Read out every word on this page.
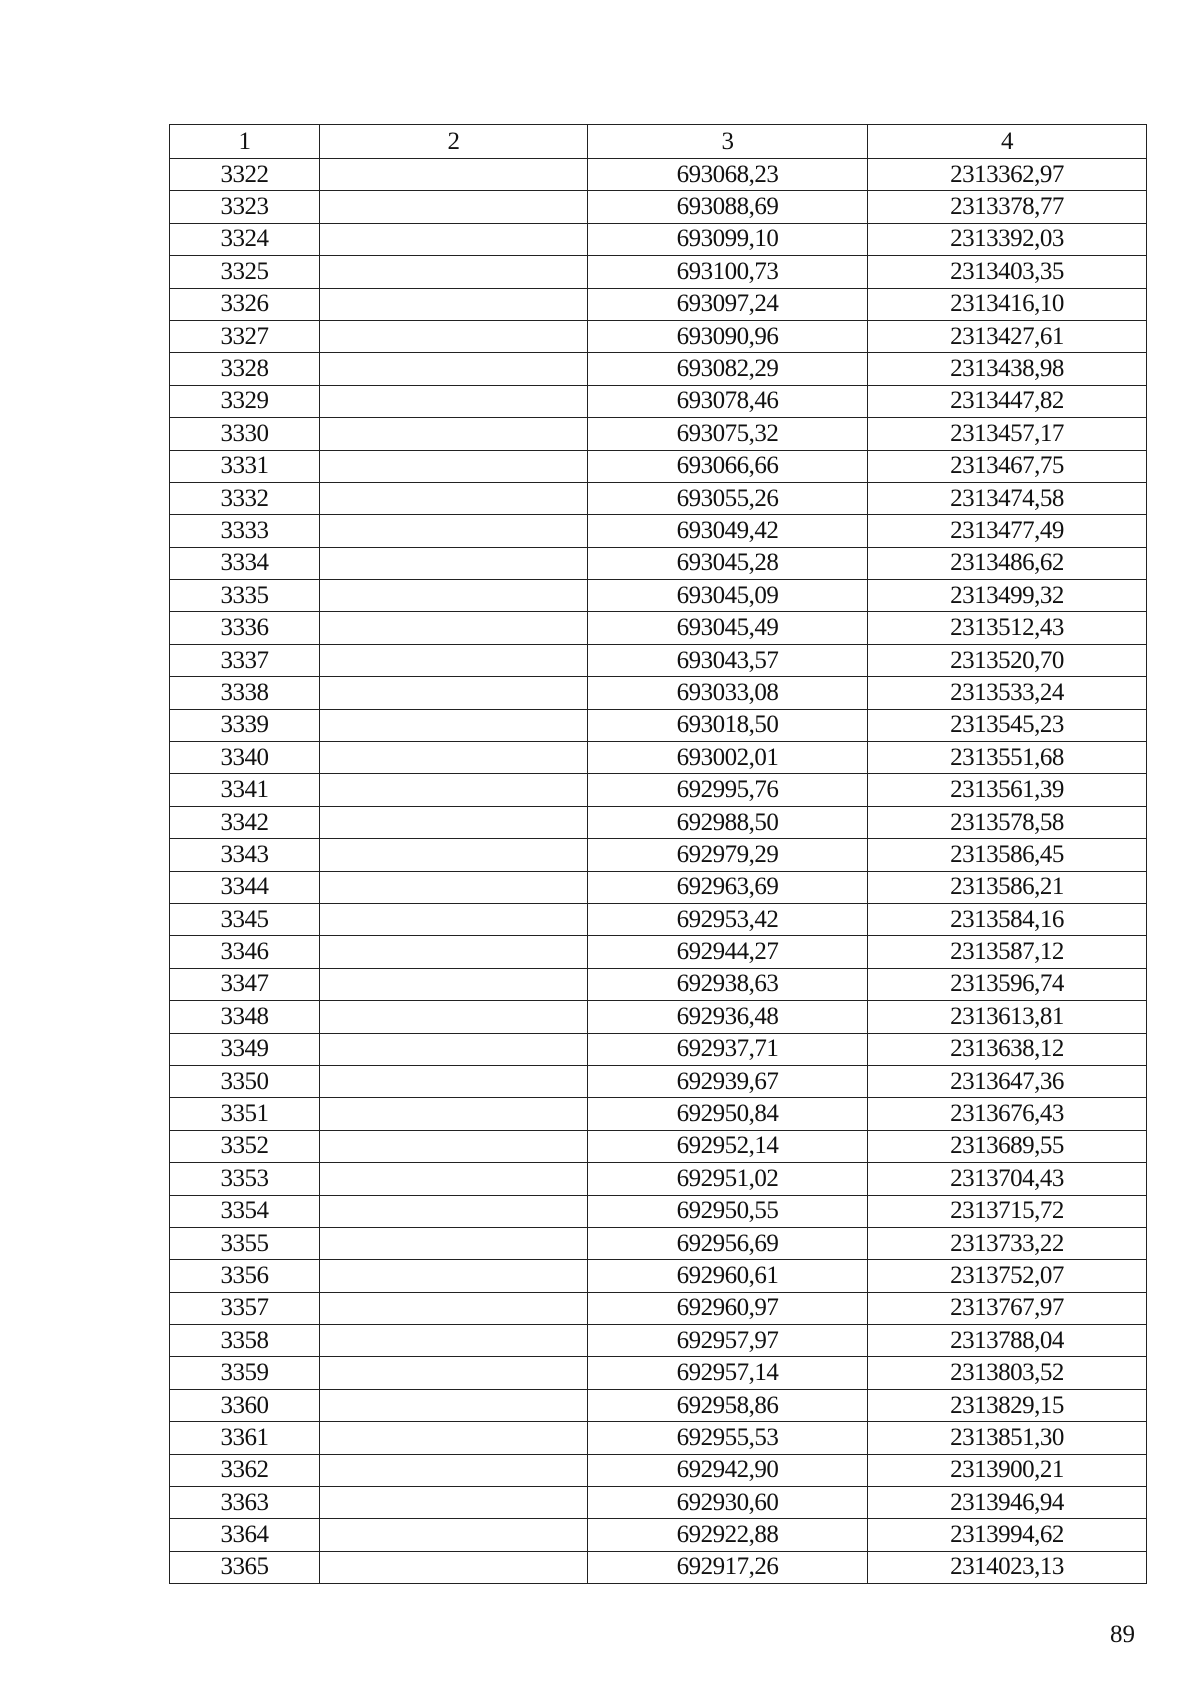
1	2	3	4
3322		693068,23	2313362,97
3323		693088,69	2313378,77
3324		693099,10	2313392,03
3325		693100,73	2313403,35
3326		693097,24	2313416,10
3327		693090,96	2313427,61
3328		693082,29	2313438,98
3329		693078,46	2313447,82
3330		693075,32	2313457,17
3331		693066,66	2313467,75
3332		693055,26	2313474,58
3333		693049,42	2313477,49
3334		693045,28	2313486,62
3335		693045,09	2313499,32
3336		693045,49	2313512,43
3337		693043,57	2313520,70
3338		693033,08	2313533,24
3339		693018,50	2313545,23
3340		693002,01	2313551,68
3341		692995,76	2313561,39
3342		692988,50	2313578,58
3343		692979,29	2313586,45
3344		692963,69	2313586,21
3345		692953,42	2313584,16
3346		692944,27	2313587,12
3347		692938,63	2313596,74
3348		692936,48	2313613,81
3349		692937,71	2313638,12
3350		692939,67	2313647,36
3351		692950,84	2313676,43
3352		692952,14	2313689,55
3353		692951,02	2313704,43
3354		692950,55	2313715,72
3355		692956,69	2313733,22
3356		692960,61	2313752,07
3357		692960,97	2313767,97
3358		692957,97	2313788,04
3359		692957,14	2313803,52
3360		692958,86	2313829,15
3361		692955,53	2313851,30
3362		692942,90	2313900,21
3363		692930,60	2313946,94
3364		692922,88	2313994,62
3365		692917,26	2314023,13
89
